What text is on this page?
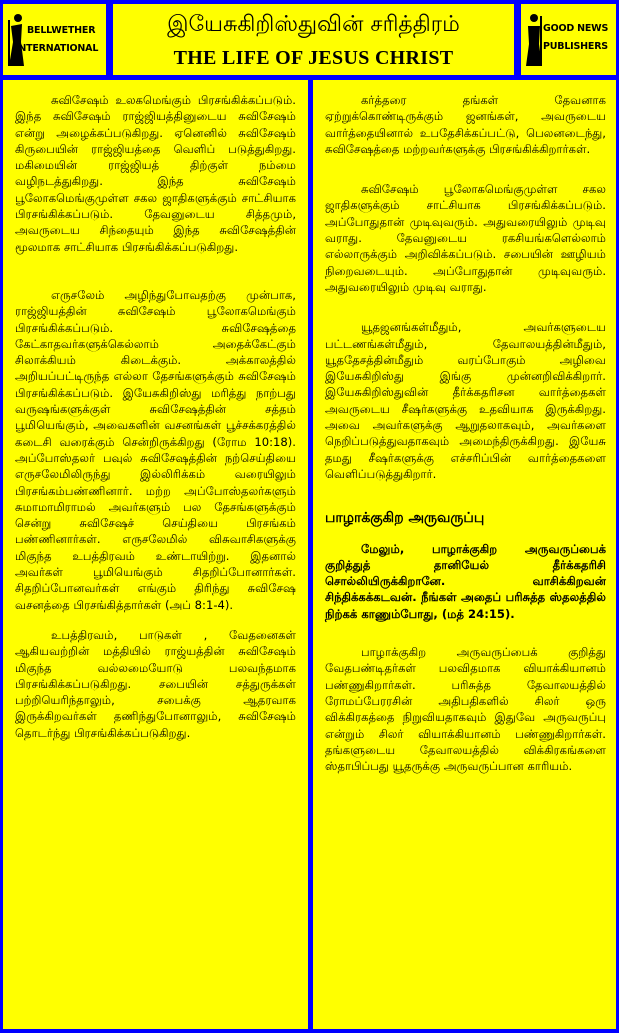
BELLWETHER
INTERNATIONAL
இயேசுகிறிஸ்துவின் சரித்திரம்
THE LIFE OF JESUS CHRIST
GOOD NEWS
PUBLISHERS

சுவிசேஷம் உலகமெங்கும் பிரசங்கிக்கப்படும். இந்த சுவிசேஷம் ராஜ்ஜியத்தினுடைய சுவிசேஷம் என்று அழைக்கப்படுகிறது. ஏனெனில் சுவிசேஷம் கிருபையின் ராஜ்ஜியத்தை வெளிப் படுத்துகிறது. மகிமையின் ராஜ்ஜியத் திற்குள் நம்மை வழிநடத்துகிறது. இந்த சுவிசேஷம் பூலோகமெங்குமுள்ள சகல ஜாதிகளுக்கும் சாட்சியாக பிரசங்கிக்கப்படும். தேவனுடைய சித்தமும், அவருடைய சிந்தையும் இந்த சுவிசேஷத்தின் மூலமாக சாட்சியாக பிரசங்கிக்கப்படுகிறது.

எருசலேம் அழிந்துபோவதற்கு முன்பாக, ராஜ்ஜியத்தின் சுவிசேஷம் பூலோகமெங்கும் பிரசங்கிக்கப்படும். சுவிசேஷத்தை கேட்காதவர்களுக்கெல்லாம் அதைக்கேட்கும் சிலாக்கியம் கிடைக்கும். அக்காலத்தில் அறியப்பட்டிருந்த எல்லா தேசங்களுக்கும் சுவிசேஷம் பிரசங்கிக்கப்படும். இயேசுகிறிஸ்து மரித்து நாற்பது வருஷங்களுக்குள் சுவிசேஷத்தின் சத்தம் பூமியெங்கும், அவைகளின் வசனங்கள் பூச்சக்கரத்தில் கடைசி வரைக்கும் சென்றிருக்கிறது (ரோம 10:18). அப்போஸ்தலர் பவுல் சுவிசேஷத்தின் நற்செய்தியை எருசலேமிலிருந்து இல்லிரிக்கம் வரையிலும் பிரசங்கம்பண்ணினார். மற்ற அப்போஸ்தலர்களும் சுமாமாமிராமல் அவர்களும் பல தேசங்களுக்கும் சென்று சுவிசேஷச் செய்தியை பிரசங்கம் பண்ணினார்கள். எருசலேமில் விசுவாசிகளுக்கு மிகுந்த உபத்திரவம் உண்டாயிற்று. இதனால் அவர்கள் பூமியெங்கும் சிதறிப்போனார்கள். சிதறிப்போனவர்கள் எங்கும் திரிந்து சுவிசேஷ வசனத்தை பிரசங்கித்தார்கள் (அப் 8:1-4).

உபத்திரவம், பாடுகள் , வேதனைகள் ஆகியவற்றின் மத்தியில் ராஜ்யத்தின் சுவிசேஷம் மிகுந்த வல்லமையோடு பலவந்தமாக பிரசங்கிக்கப்படுகிறது. சபையின் சத்துருக்கள் பற்றியெரிந்தாலும், சபைக்கு ஆதரவாக இருக்கிறவர்கள் தணிந்துபோனாலும், சுவிசேஷம் தொடர்ந்து பிரசங்கிக்கப்படுகிறது.

கர்த்தரை தங்கள் தேவனாக ஏற்றுக்கொண்டிருக்கும் ஜனங்கள், அவருடைய வார்த்தையினால் உபதேசிக்கப்பட்டு, பெலனடைந்து, சுவிசேஷத்தை மற்றவர்களுக்கு பிரசங்கிக்கிறார்கள்.

சுவிசேஷம் பூலோகமெங்குமுள்ள சகல ஜாதிகளுக்கும் சாட்சியாக பிரசங்கிக்கப்படும். அப்போதுதான் முடிவுவரும். அதுவரையிலும் முடிவு வராது. தேவனுடைய ரகசியங்களெல்லாம் எல்லாருக்கும் அறிவிக்கப்படும். சபையின் ஊழியம் நிறைவடையும். அப்போதுதான் முடிவுவரும். அதுவரையிலும் முடிவு வராது.

யூதஜனங்கள்மீதும், அவர்களுடைய பட்டணங்கள்மீதும், தேவாலயத்தின்மீதும், யூததேசத்தின்மீதும் வரப்போகும் அழிவை இயேசுகிறிஸ்து இங்கு முன்னறிவிக்கிறார். இயேசுகிறிஸ்துவின் தீர்க்கதரிசன வார்த்தைகள் அவருடைய சீஷர்களுக்கு உதவியாக இருக்கிறது. அவை அவர்களுக்கு ஆறுதலாகவும், அவர்களை நெறிப்படுத்துவதாகவும் அமைந்திருக்கிறது. இயேசு தமது சீஷர்களுக்கு எச்சரிப்பின் வார்த்தைகளை வெளிப்படுத்துகிறார்.

பாழாக்குகிற அருவருப்பு

மேலும், பாழாக்குகிற அருவருப்பைக் குறித்துத் தானியேல் தீர்க்கதரிசி சொல்லியிருக்கிறானே. வாசிக்கிறவன் சிந்திக்கக்கடவன். நீங்கள் அதைப் பரிசுத்த ஸ்தலத்தில் நிற்கக் காணும்போது, (மத் 24:15).

பாழாக்குகிற அருவருப்பைக் குறித்து வேதபண்டிதர்கள் பலவிதமாக வியாக்கியானம் பண்ணுகிறார்கள். பரிசுத்த தேவாலயத்தில் ரோமப்பேரரசின் அதிபதிகளில் சிலர் ஒரு விக்கிரகத்தை நிறுவியதாகவும் இதுவே அருவருப்பு என்றும் சிலர் வியாக்கியானம் பண்ணுகிறார்கள். தங்களுடைய தேவாலயத்தில் விக்கிரகங்களை ஸ்தாபிப்பது யூதருக்கு அருவருப்பான காரியம்.
